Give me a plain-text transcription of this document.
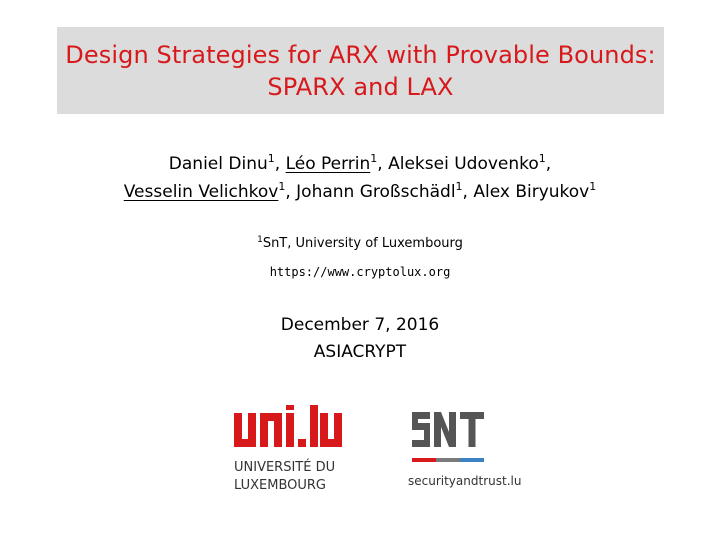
Design Strategies for ARX with Provable Bounds:
SPARX and LAX
Daniel Dinu$^1$, Léo Perrin$^1$, Aleksei Udovenko$^1$,
Vesselin Velichkov$^1$, Johann Großschädl$^1$, Alex Biryukov$^1$
$^1$SnT, University of Luxembourg
https://www.cryptolux.org
December 7, 2016
ASIACRYPT
UNIVERSITÉ DU
LUXEMBOURG	securityandtrust.lu
